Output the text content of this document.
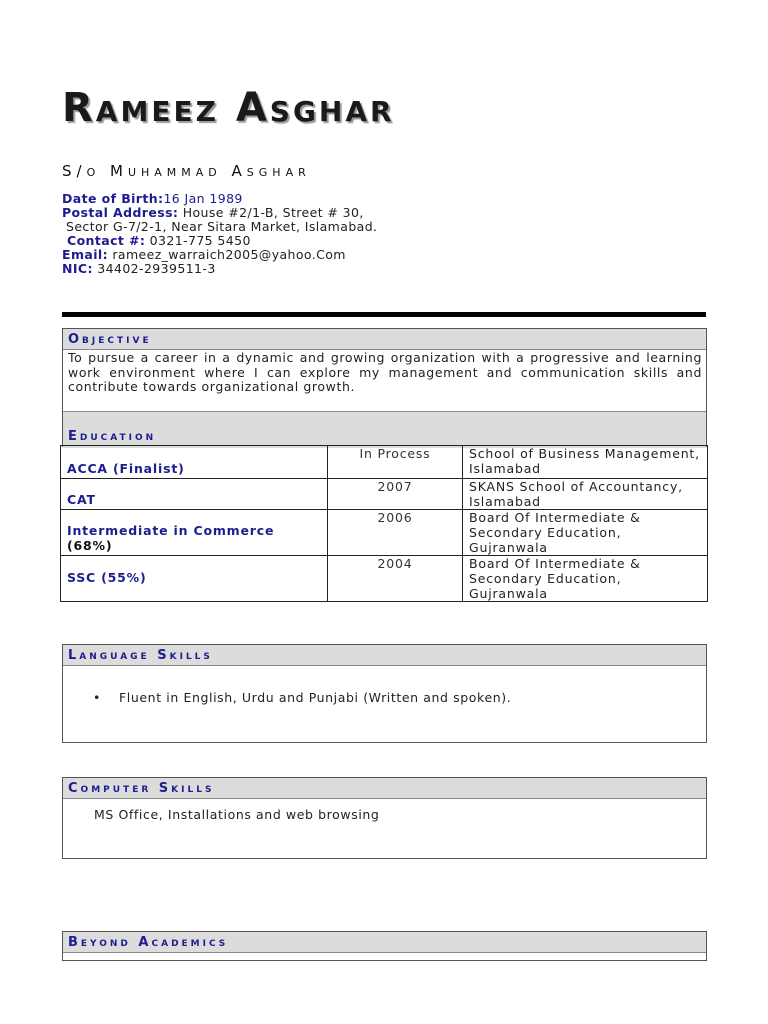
Rameez Asghar
S/o Muhammad Asghar
Date of Birth:16 Jan 1989
Postal Address: House #2/1-B, Street # 30,
Sector G-7/2-1, Near Sitara Market, Islamabad.
Contact #: 0321-775 5450
Email: rameez_warraich2005@yahoo.Com
NIC: 34402-2939511-3
Objective
To pursue a career in a dynamic and growing organization with a progressive and learning work environment where I can explore my management and communication skills and contribute towards organizational growth.
Education
ACCA (Finalist)	In Process	School of Business Management, Islamabad
CAT	2007	SKANS School of Accountancy, Islamabad
Intermediate in Commerce
(68%)	2006	Board Of Intermediate & Secondary Education, Gujranwala
SSC (55%)	2004	Board Of Intermediate & Secondary Education, Gujranwala
Language Skills
• Fluent in English, Urdu and Punjabi (Written and spoken).
Computer Skills
MS Office, Installations and web browsing
Beyond Academics
